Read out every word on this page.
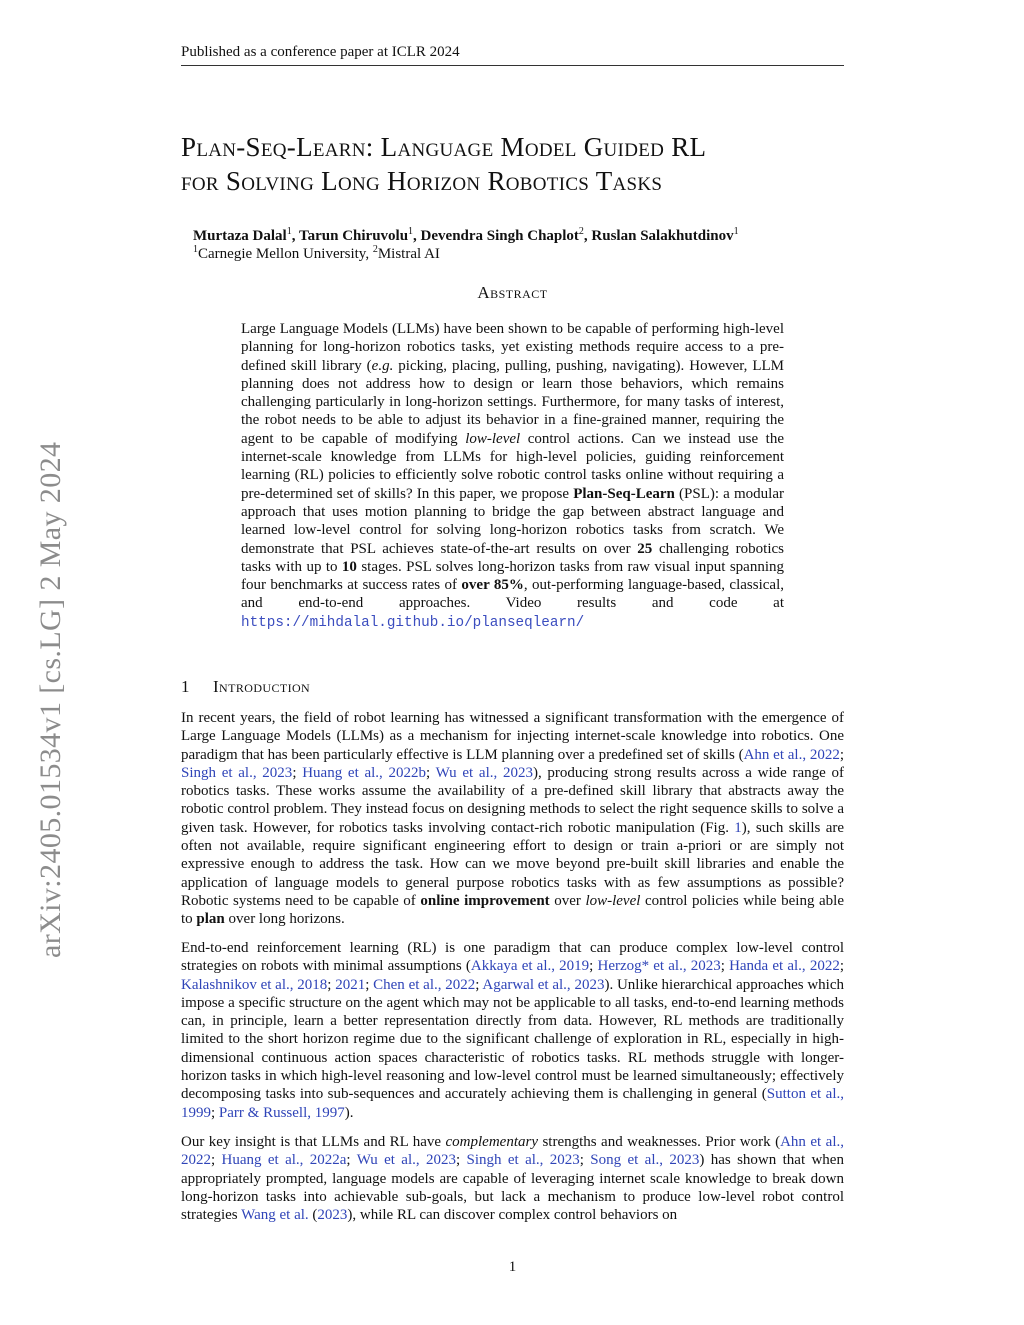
Published as a conference paper at ICLR 2024
Plan-Seq-Learn: Language Model Guided RL
for Solving Long Horizon Robotics Tasks
Murtaza Dalal$^1$, Tarun Chiruvolu$^1$, Devendra Singh Chaplot$^2$, Ruslan Salakhutdinov$^1$
$^1$Carnegie Mellon University, $^2$Mistral AI
Abstract
Large Language Models (LLMs) have been shown to be capable of performing high-level planning for long-horizon robotics tasks, yet existing methods require access to a pre-defined skill library (e.g. picking, placing, pulling, pushing, navigating). However, LLM planning does not address how to design or learn those behaviors, which remains challenging particularly in long-horizon settings. Furthermore, for many tasks of interest, the robot needs to be able to adjust its behavior in a fine-grained manner, requiring the agent to be capable of modifying low-level control actions. Can we instead use the internet-scale knowledge from LLMs for high-level policies, guiding reinforcement learning (RL) policies to efficiently solve robotic control tasks online without requiring a pre-determined set of skills? In this paper, we propose Plan-Seq-Learn (PSL): a modular approach that uses motion planning to bridge the gap between abstract language and learned low-level control for solving long-horizon robotics tasks from scratch. We demonstrate that PSL achieves state-of-the-art results on over 25 challenging robotics tasks with up to 10 stages. PSL solves long-horizon tasks from raw visual input spanning four benchmarks at success rates of over 85%, out-performing language-based, classical, and end-to-end approaches. Video results and code at https://mihdalal.github.io/planseqlearn/
1 Introduction
In recent years, the field of robot learning has witnessed a significant transformation with the emergence of Large Language Models (LLMs) as a mechanism for injecting internet-scale knowledge into robotics. One paradigm that has been particularly effective is LLM planning over a predefined set of skills (Ahn et al., 2022; Singh et al., 2023; Huang et al., 2022b; Wu et al., 2023), producing strong results across a wide range of robotics tasks. These works assume the availability of a pre-defined skill library that abstracts away the robotic control problem. They instead focus on designing methods to select the right sequence skills to solve a given task. However, for robotics tasks involving contact-rich robotic manipulation (Fig. 1), such skills are often not available, require significant engineering effort to design or train a-priori or are simply not expressive enough to address the task. How can we move beyond pre-built skill libraries and enable the application of language models to general purpose robotics tasks with as few assumptions as possible? Robotic systems need to be capable of online improvement over low-level control policies while being able to plan over long horizons.
End-to-end reinforcement learning (RL) is one paradigm that can produce complex low-level control strategies on robots with minimal assumptions (Akkaya et al., 2019; Herzog* et al., 2023; Handa et al., 2022; Kalashnikov et al., 2018; 2021; Chen et al., 2022; Agarwal et al., 2023). Unlike hierarchical approaches which impose a specific structure on the agent which may not be applicable to all tasks, end-to-end learning methods can, in principle, learn a better representation directly from data. However, RL methods are traditionally limited to the short horizon regime due to the significant challenge of exploration in RL, especially in high-dimensional continuous action spaces characteristic of robotics tasks. RL methods struggle with longer-horizon tasks in which high-level reasoning and low-level control must be learned simultaneously; effectively decomposing tasks into sub-sequences and accurately achieving them is challenging in general (Sutton et al., 1999; Parr & Russell, 1997).
Our key insight is that LLMs and RL have complementary strengths and weaknesses. Prior work (Ahn et al., 2022; Huang et al., 2022a; Wu et al., 2023; Singh et al., 2023; Song et al., 2023) has shown that when appropriately prompted, language models are capable of leveraging internet scale knowledge to break down long-horizon tasks into achievable sub-goals, but lack a mechanism to produce low-level robot control strategies Wang et al. (2023), while RL can discover complex control behaviors on
arXiv:2405.01534v1 [cs.LG] 2 May 2024
1
